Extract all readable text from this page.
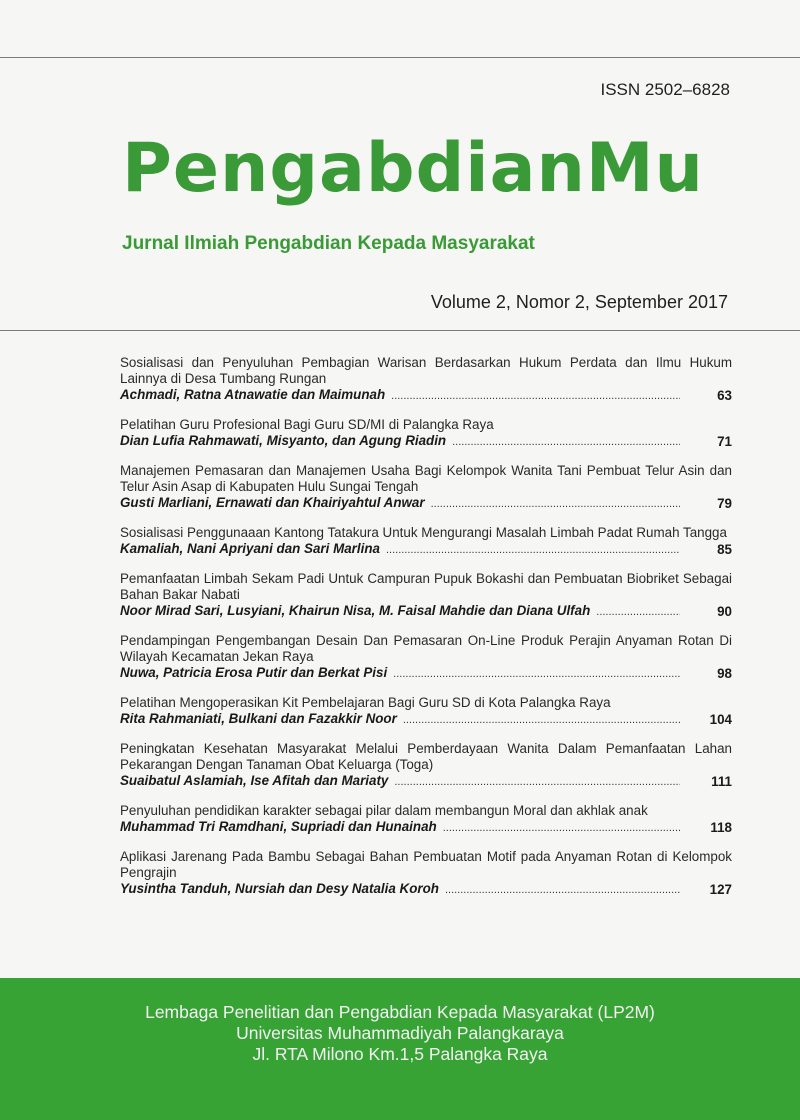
ISSN 2502–6828
PengabdianMu
Jurnal Ilmiah Pengabdian Kepada Masyarakat
Volume 2, Nomor 2, September 2017

Sosialisasi dan Penyuluhan Pembagian Warisan Berdasarkan Hukum Perdata dan Ilmu Hukum Lainnya di Desa Tumbang Rungan

Achmadi, Ratna Atnawatie dan Maimunah .....	63

Pelatihan Guru Profesional Bagi Guru SD/MI di Palangka Raya

Dian Lufia Rahmawati, Misyanto, dan Agung Riadin .....	71

Manajemen Pemasaran dan Manajemen Usaha Bagi Kelompok Wanita Tani Pembuat Telur Asin dan Telur Asin Asap di Kabupaten Hulu Sungai Tengah

Gusti Marliani, Ernawati dan Khairiyahtul Anwar .....	79

Sosialisasi Penggunaaan Kantong Tatakura Untuk Mengurangi Masalah Limbah Padat Rumah Tangga

Kamaliah, Nani Apriyani dan Sari Marlina .....	85

Pemanfaatan Limbah Sekam Padi Untuk Campuran Pupuk Bokashi dan Pembuatan Biobriket Sebagai Bahan Bakar Nabati

Noor Mirad Sari, Lusyiani, Khairun Nisa, M. Faisal Mahdie dan Diana Ulfah .....	90

Pendampingan Pengembangan Desain Dan Pemasaran On-Line Produk Perajin Anyaman Rotan Di Wilayah Kecamatan Jekan Raya

Nuwa, Patricia Erosa Putir dan Berkat Pisi .....	98

Pelatihan Mengoperasikan Kit Pembelajaran Bagi Guru SD di Kota Palangka Raya

Rita Rahmaniati, Bulkani dan Fazakkir Noor .....	104

Peningkatan Kesehatan Masyarakat Melalui Pemberdayaan Wanita Dalam Pemanfaatan Lahan Pekarangan Dengan Tanaman Obat Keluarga (Toga)

Suaibatul Aslamiah, Ise Afitah dan Mariaty .....	111

Penyuluhan pendidikan karakter sebagai pilar dalam membangun Moral dan akhlak anak

Muhammad Tri Ramdhani, Supriadi dan Hunainah .....	118

Aplikasi Jarenang Pada Bambu Sebagai Bahan Pembuatan Motif pada Anyaman Rotan di Kelompok Pengrajin

Yusintha Tanduh, Nursiah dan Desy Natalia Koroh .....	127
Lembaga Penelitian dan Pengabdian Kepada Masyarakat (LP2M)
Universitas Muhammadiyah Palangkaraya
Jl. RTA Milono Km.1,5 Palangka Raya
